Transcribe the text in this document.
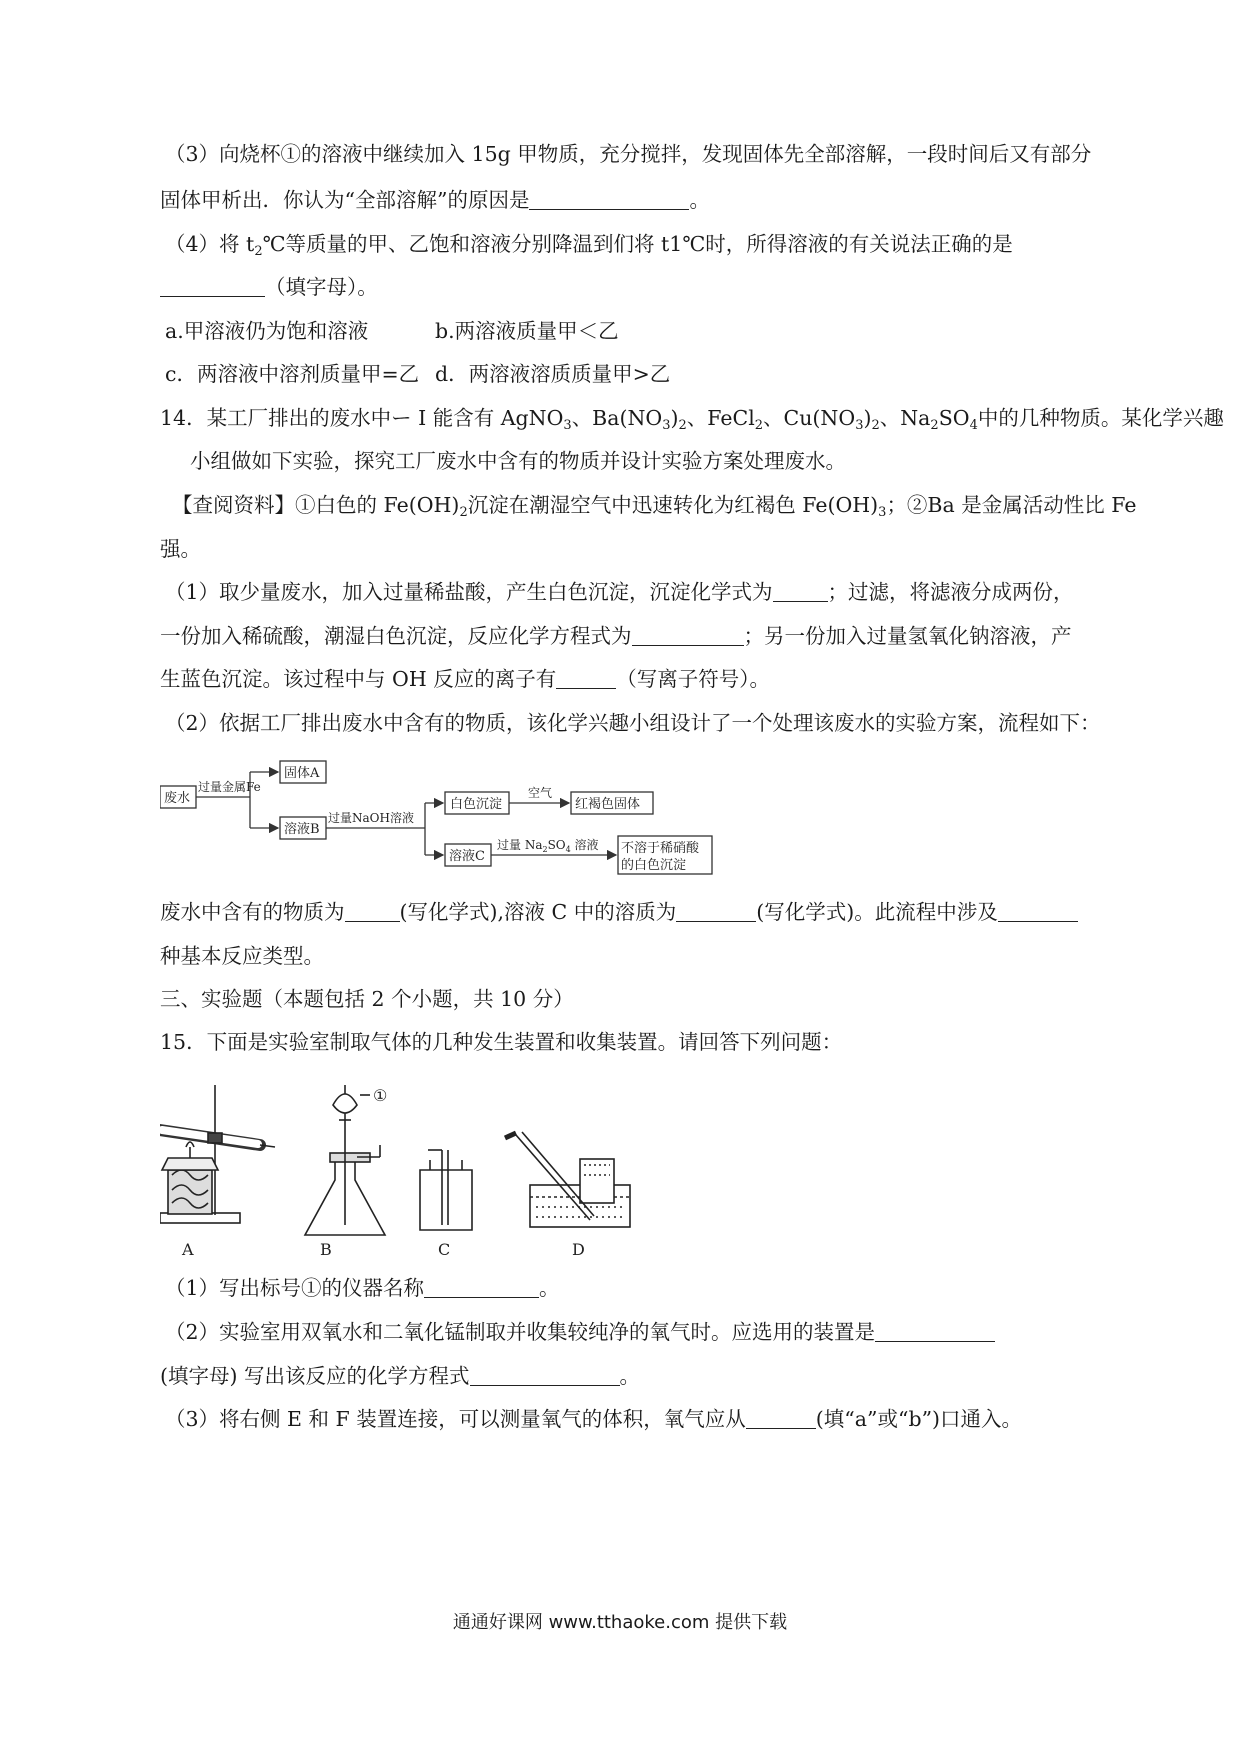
（3）向烧杯①的溶液中继续加入 15g 甲物质，充分搅拌，发现固体先全部溶解，一段时间后又有部分
固体甲析出．你认为“全部溶解”的原因是	。
（4）将 $t_2℃$等质量的甲、乙饱和溶液分别降温到们将 t1℃时，所得溶液的有关说法正确的是
（填字母）。
a.甲溶液仍为饱和溶液	b.两溶液质量甲＜乙
c．两溶液中溶剂质量甲=乙 d．两溶液溶质质量甲>乙
14．某工厂排出的废水中ー I 能含有 AgNO$_3$、$Ba(NO_3)_2$、FeCl$_2$、$Cu(NO_3)_2$、$Na_2SO_4$中的几种物质。某化学兴趣
小组做如下实验，探究工厂废水中含有的物质并设计实验方案处理废水。
【查阅资料】①白色的 $Fe(OH)_2$沉淀在潮湿空气中迅速转化为红褐色 $Fe(OH)_3$；②Ba 是金属活动性比 Fe
强。
（1）取少量废水，加入过量稀盐酸，产生白色沉淀，沉淀化学式为	；过滤，将滤液分成两份，
一份加入稀硫酸，潮湿白色沉淀，反应化学方程式为	；另一份加入过量氢氧化钠溶液，产
生蓝色沉淀。该过程中与 OH 反应的离子有	（写离子符号）。
（2）依据工厂排出废水中含有的物质，该化学兴趣小组设计了一个处理该废水的实验方案，流程如下：
废水
过量金属Fe
固体A
溶液B
过量NaOH溶液
白色沉淀
空气
红褐色固体
溶液C
过量 $Na_2SO_4$ 溶液 不溶于稀硝酸
的白色沉淀
废水中含有的物质为	(写化学式),溶液 C 中的溶质为	(写化学式)。此流程中涉及
种基本反应类型。
三、实验题（本题包括 2 个小题，共 10 分）
15．下面是实验室制取气体的几种发生装置和收集装置。请回答下列问题：
A	B	C	D
①
（1）写出标号①的仪器名称	。
（2）实验室用双氧水和二氧化锰制取并收集较纯净的氧气时。应选用的装置是
(填字母) 写出该反应的化学方程式	。
（3）将右侧 E 和 F 装置连接，可以测量氧气的体积，氧气应从	(填“a”或“b”)口通入。
通通好课网 www.tthaoke.com 提供下载
